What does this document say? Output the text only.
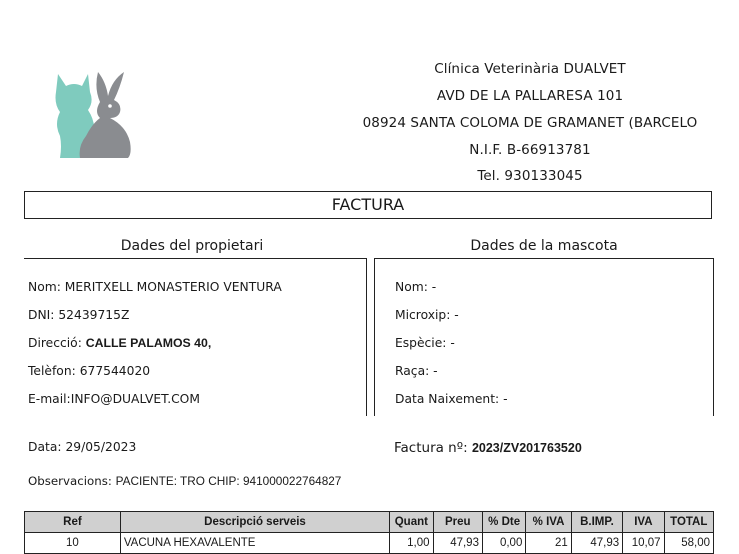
Clínica Veterinària DUALVET
AVD DE LA PALLARESA 101
08924 SANTA COLOMA DE GRAMANET (BARCELO
N.I.F. B-66913781
Tel. 930133045
FACTURA
Dades del propietari	Dades de la mascota
Nom: MERITXELL MONASTERIO VENTURA
DNI: 52439715Z
Direcció: CALLE PALAMOS 40,
Telèfon: 677544020
E-mail:INFO@DUALVET.COM
Nom: -
Microxip: -
Espècie: -
Raça: -
Data Naixement: -
Data: 29/05/2023	Factura nº: 2023/ZV201763520
Observacions: PACIENTE: TRO CHIP: 941000022764827
Ref	Descripció serveis	Quant	Preu	% Dte	% IVA	B.IMP.	IVA	TOTAL
10	VACUNA HEXAVALENTE	1,00	47,93	0,00	21	47,93	10,07	58,00
